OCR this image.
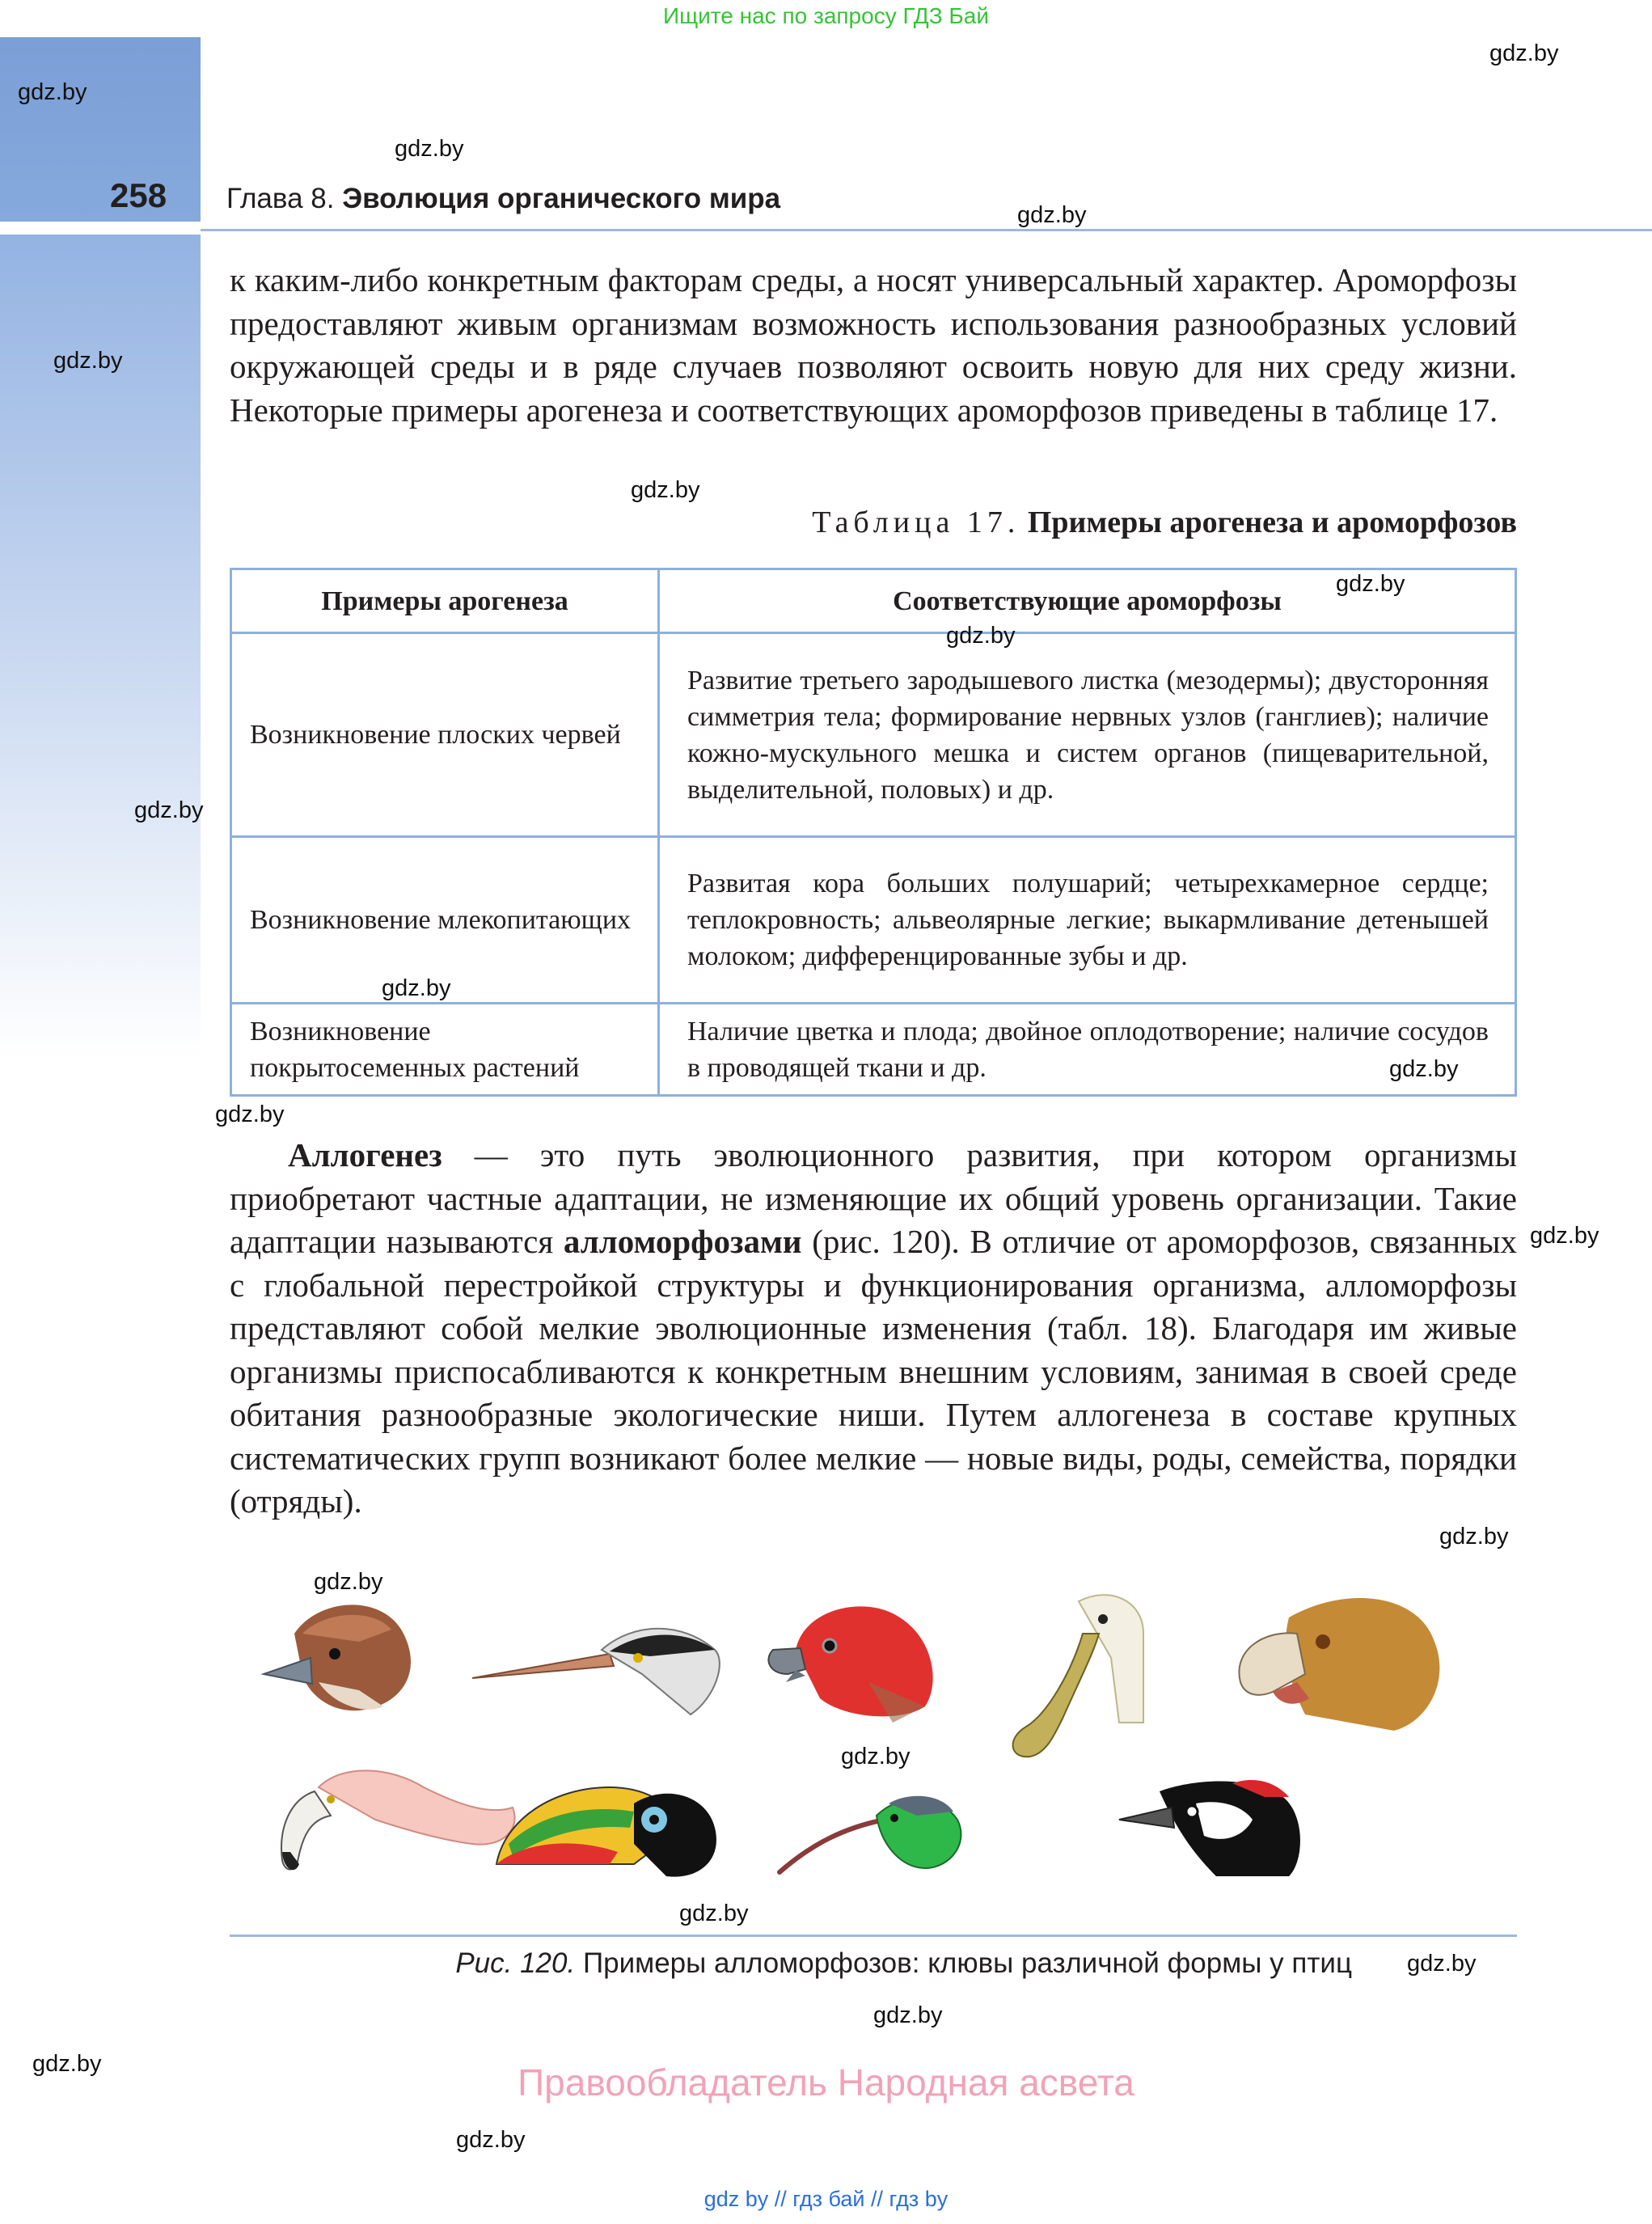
Ищите нас по запросу ГДЗ Бай
258 Глава 8. Эволюция органического мира

к каким-либо конкретным факторам среды, а носят универсальный характер. Ароморфозы предоставляют живым организмам возможность использования разнообразных условий окружающей среды и в ряде случаев позволяют освоить новую для них среду жизни. Некоторые примеры арогенеза и соответствующих ароморфозов приведены в таблице 17.

Таблица 17. Примеры арогенеза и ароморфозов
Примеры арогенеза	Соответствующие ароморфозы
Возникновение плоских червей	Развитие третьего зародышевого листка (мезодермы); двусторонняя симметрия тела; формирование нервных узлов (ганглиев); наличие кожно-мускульного мешка и систем органов (пищеварительной, выделительной, половых) и др.
Возникновение млекопитающих	Развитая кора больших полушарий; четырехкамерное сердце; теплокровность; альвеолярные легкие; выкармливание детенышей молоком; дифференцированные зубы и др.
Возникновение покрытосеменных растений	Наличие цветка и плода; двойное оплодотворение; наличие сосудов в проводящей ткани и др.

Аллогенез — это путь эволюционного развития, при котором организмы приобретают частные адаптации, не изменяющие их общий уровень организации. Такие адаптации называются алломорфозами (рис. 120). В отличие от ароморфозов, связанных с глобальной перестройкой структуры и функционирования организма, алломорфозы представляют собой мелкие эволюционные изменения (табл. 18). Благодаря им живые организмы приспосабливаются к конкретным внешним условиям, занимая в своей среде обитания разнообразные экологические ниши. Путем аллогенеза в составе крупных систематических групп возникают более мелкие — новые виды, роды, семейства, порядки (отряды).

Рис. 120. Примеры алломорфозов: клювы различной формы у птиц
Правообладатель Народная асвета
gdz by // гдз бай // гдз by
gdz.by
gdz.by
gdz.by
gdz.by
gdz.by
gdz.by
gdz.by
gdz.by
gdz.by
gdz.by
gdz.by
gdz.by
gdz.by
gdz.by
gdz.by
gdz.by
gdz.by
gdz.by
gdz.by
gdz.by
gdz.by
